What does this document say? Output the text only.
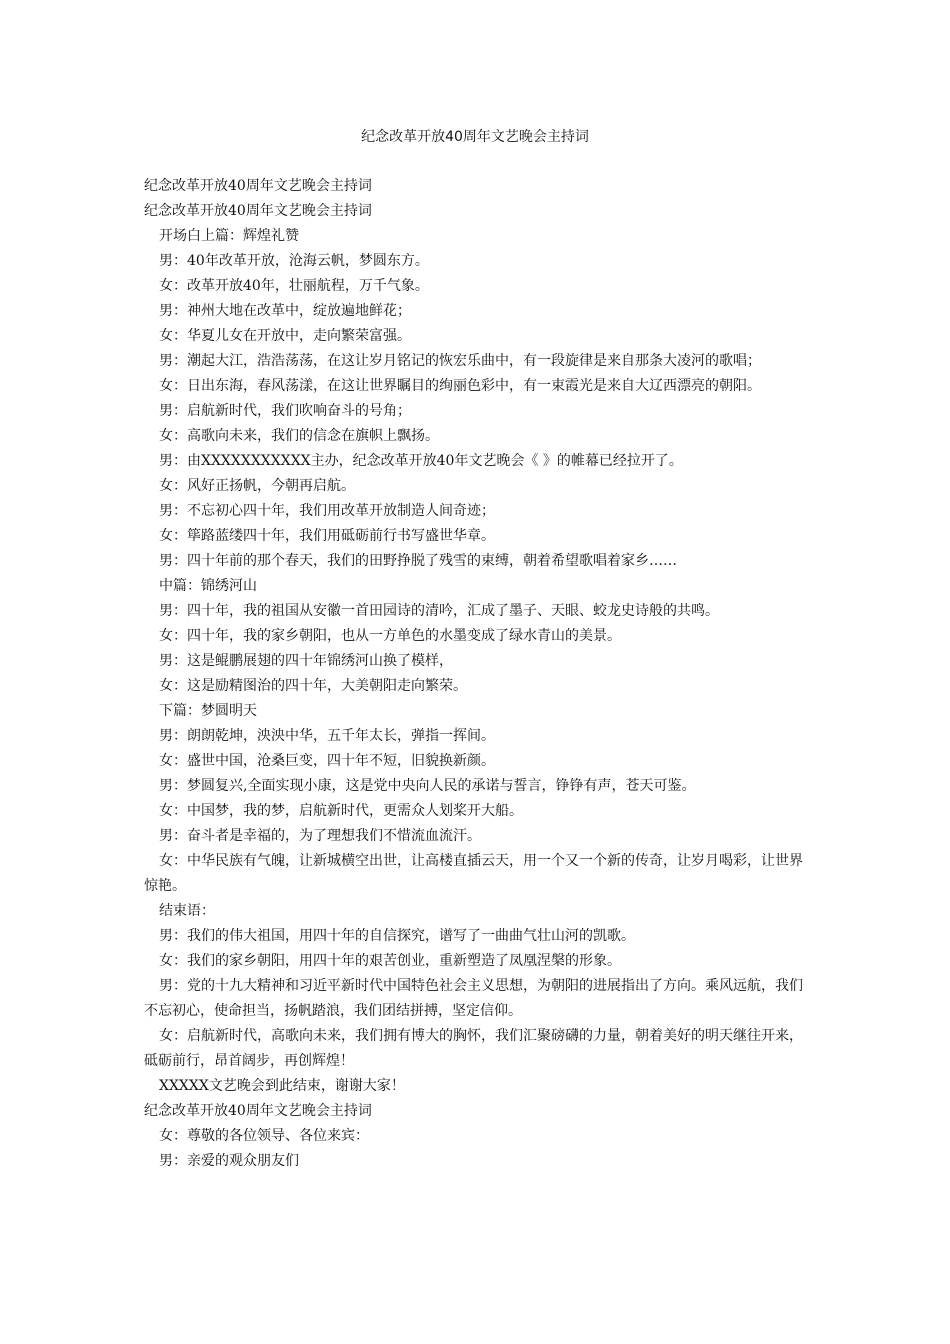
纪念改革开放40周年文艺晚会主持词

纪念改革开放40周年文艺晚会主持词

纪念改革开放40周年文艺晚会主持词

开场白上篇：辉煌礼赞

男：40年改革开放，沧海云帆，梦圆东方。

女：改革开放40年，壮丽航程，万千气象。

男：神州大地在改革中，绽放遍地鲜花；

女：华夏儿女在开放中，走向繁荣富强。

男：潮起大江，浩浩荡荡，在这让岁月铭记的恢宏乐曲中，有一段旋律是来自那条大凌河的歌唱；

女：日出东海，春风荡漾，在这让世界瞩目的绚丽色彩中，有一束霞光是来自大辽西漂亮的朝阳。

男：启航新时代，我们吹响奋斗的号角；

女：高歌向未来，我们的信念在旗帜上飘扬。

男：由XXXXXXXXXXX主办，纪念改革开放40年文艺晚会《 》的帷幕已经拉开了。

女：风好正扬帆，今朝再启航。

男：不忘初心四十年，我们用改革开放制造人间奇迹；

女：筚路蓝缕四十年，我们用砥砺前行书写盛世华章。

男：四十年前的那个春天，我们的田野挣脱了残雪的束缚，朝着希望歌唱着家乡……

中篇：锦绣河山

男：四十年，我的祖国从安徽一首田园诗的清吟，汇成了墨子、天眼、蛟龙史诗般的共鸣。

女：四十年，我的家乡朝阳，也从一方单色的水墨变成了绿水青山的美景。

男：这是鲲鹏展翅的四十年锦绣河山换了模样，

女：这是励精图治的四十年，大美朝阳走向繁荣。

下篇：梦圆明天

男：朗朗乾坤，泱泱中华，五千年太长，弹指一挥间。

女：盛世中国，沧桑巨变，四十年不短，旧貌换新颜。

男：梦圆复兴,全面实现小康，这是党中央向人民的承诺与誓言，铮铮有声，苍天可鉴。

女：中国梦，我的梦，启航新时代，更需众人划桨开大船。

男：奋斗者是幸福的，为了理想我们不惜流血流汗。

女：中华民族有气魄，让新城横空出世，让高楼直插云天，用一个又一个新的传奇，让岁月喝彩，让世界惊艳。

结束语：

男：我们的伟大祖国，用四十年的自信探究，谱写了一曲曲气壮山河的凯歌。

女：我们的家乡朝阳，用四十年的艰苦创业，重新塑造了凤凰涅槃的形象。

男：党的十九大精神和习近平新时代中国特色社会主义思想，为朝阳的进展指出了方向。乘风远航，我们不忘初心，使命担当，扬帆踏浪，我们团结拼搏，坚定信仰。

女：启航新时代，高歌向未来，我们拥有博大的胸怀，我们汇聚磅礴的力量，朝着美好的明天继往开来，砥砺前行，昂首阔步，再创辉煌！

XXXXX文艺晚会到此结束，谢谢大家！

纪念改革开放40周年文艺晚会主持词

女：尊敬的各位领导、各位来宾：

男：亲爱的观众朋友们
